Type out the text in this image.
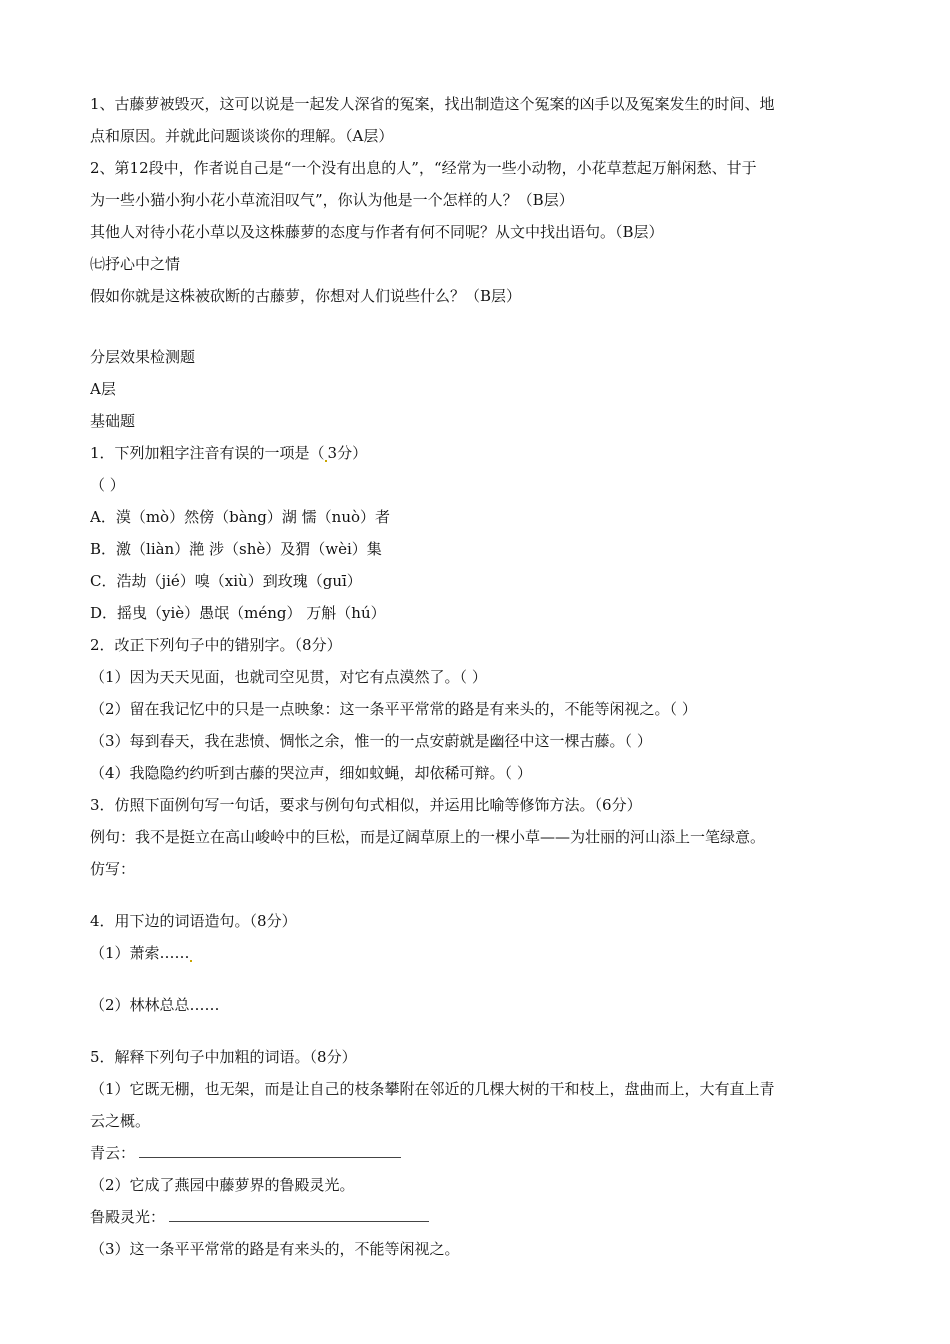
1、古藤萝被毁灭，这可以说是一起发人深省的冤案，找出制造这个冤案的凶手以及冤案发生的时间、地
点和原因。并就此问题谈谈你的理解。（A层）
2、第12段中，作者说自己是“一个没有出息的人”，“经常为一些小动物，小花草惹起万斛闲愁、甘于
为一些小猫小狗小花小草流泪叹气”，你认为他是一个怎样的人？（B层）
其他人对待小花小草以及这株藤萝的态度与作者有何不同呢？从文中找出语句。（B层）
㈦抒心中之情
假如你就是这株被砍断的古藤萝，你想对人们说些什么？（B层）
分层效果检测题
A层
基础题
1．下列加粗字注音有误的一项是（ 3分）
（ ）
A．漠（mò）然傍（bàng）湖 懦（nuò）者
B．激（liàn）滟 涉（shè）及猬（wèi）集
C．浩劫（jié）嗅（xiù）到玫瑰（guī）
D．摇曳（yiè）愚氓（méng） 万斛（hú）
2．改正下列句子中的错别字。（8分）
（1）因为天天见面，也就司空见贯，对它有点漠然了。（ ）
（2）留在我记忆中的只是一点映象：这一条平平常常的路是有来头的，不能等闲视之。（ ）
（3）每到春天，我在悲愤、惆怅之余，惟一的一点安蔚就是幽径中这一棵古藤。（ ）
（4）我隐隐约约听到古藤的哭泣声，细如蚊蝇，却依稀可辩。（ ）
3．仿照下面例句写一句话，要求与例句句式相似，并运用比喻等修饰方法。（6分）
例句：我不是挺立在高山峻岭中的巨松，而是辽阔草原上的一棵小草——为壮丽的河山添上一笔绿意。
仿写：
4．用下边的词语造句。（8分）
（1）萧索……
（2）林林总总……
5．解释下列句子中加粗的词语。（8分）
（1）它既无棚，也无架，而是让自己的枝条攀附在邻近的几棵大树的干和枝上，盘曲而上，大有直上青
云之概。
青云：
（2）它成了燕园中藤萝界的鲁殿灵光。
鲁殿灵光：
（3）这一条平平常常的路是有来头的，不能等闲视之。
